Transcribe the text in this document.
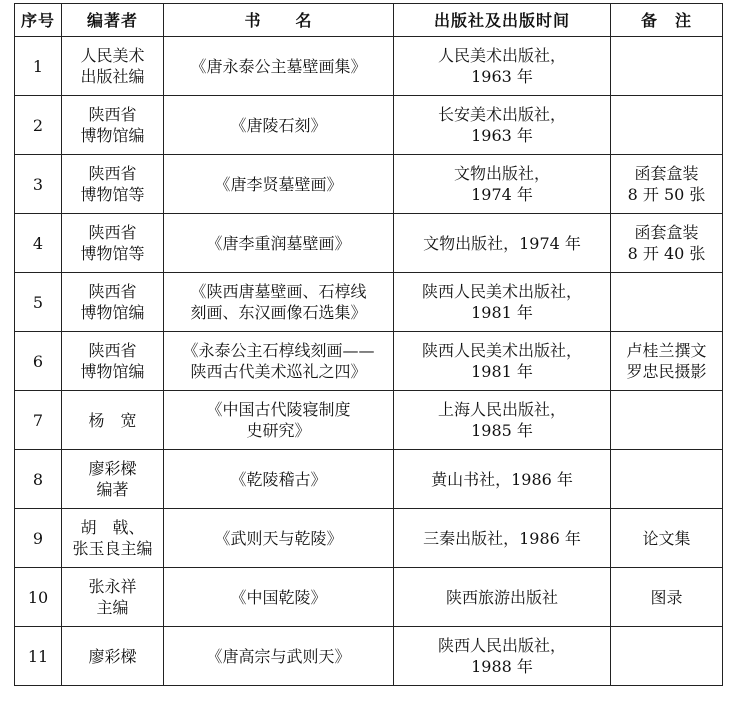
序号	编著者	书　　名	出版社及出版时间	备　注
1	人民美术
出版社编	《唐永泰公主墓壁画集》	人民美术出版社，
1963 年	
2	陕西省
博物馆编	《唐陵石刻》	长安美术出版社，
1963 年	
3	陕西省
博物馆等	《唐李贤墓壁画》	文物出版社，
1974 年	函套盒装
8 开 50 张
4	陕西省
博物馆等	《唐李重润墓壁画》	文物出版社，1974 年	函套盒装
8 开 40 张
5	陕西省
博物馆编	《陕西唐墓壁画、石椁线
刻画、东汉画像石选集》	陕西人民美术出版社，
1981 年	
6	陕西省
博物馆编	《永泰公主石椁线刻画——
陕西古代美术巡礼之四》	陕西人民美术出版社，
1981 年	卢桂兰撰文
罗忠民摄影
7	杨　宽	《中国古代陵寝制度
史研究》	上海人民出版社，
1985 年	
8	廖彩樑
编著	《乾陵稽古》	黄山书社，1986 年	
9	胡　戟、
张玉良主编	《武则天与乾陵》	三秦出版社，1986 年	论文集
10	张永祥
主编	《中国乾陵》	陕西旅游出版社	图录
11	廖彩樑	《唐高宗与武则天》	陕西人民出版社，
1988 年	
